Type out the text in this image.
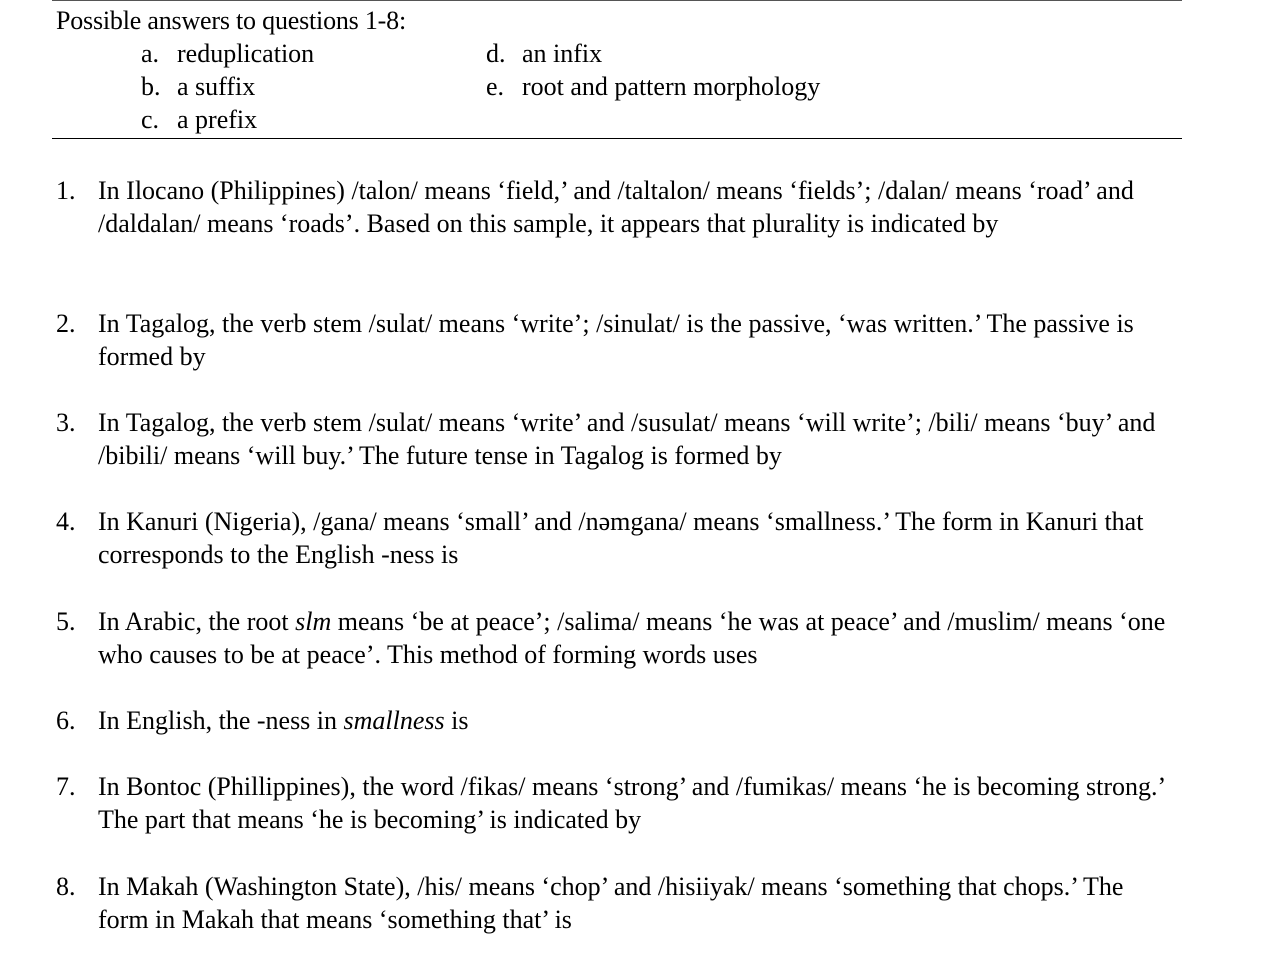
Possible answers to questions 1-8:
a. reduplication
b. a suffix
c. a prefix
d. an infix
e. root and pattern morphology
1. In Ilocano (Philippines) /talon/ means ‘field,’ and /taltalon/ means ‘fields’; /dalan/ means ‘road’ and /daldalan/ means ‘roads’. Based on this sample, it appears that plurality is indicated by
2. In Tagalog, the verb stem /sulat/ means ‘write’; /sinulat/ is the passive, ‘was written.’ The passive is formed by
3. In Tagalog, the verb stem /sulat/ means ‘write’ and /susulat/ means ‘will write’; /bili/ means ‘buy’ and /bibili/ means ‘will buy.’ The future tense in Tagalog is formed by
4. In Kanuri (Nigeria), /gana/ means ‘small’ and /nəmgana/ means ‘smallness.’ The form in Kanuri that corresponds to the English -ness is
5. In Arabic, the root slm means ‘be at peace’; /salima/ means ‘he was at peace’ and /muslim/ means ‘one who causes to be at peace’. This method of forming words uses
6. In English, the -ness in smallness is
7. In Bontoc (Phillippines), the word /fikas/ means ‘strong’ and /fumikas/ means ‘he is becoming strong.’ The part that means ‘he is becoming’ is indicated by
8. In Makah (Washington State), /his/ means ‘chop’ and /hisiiyak/ means ‘something that chops.’ The form in Makah that means ‘something that’ is
